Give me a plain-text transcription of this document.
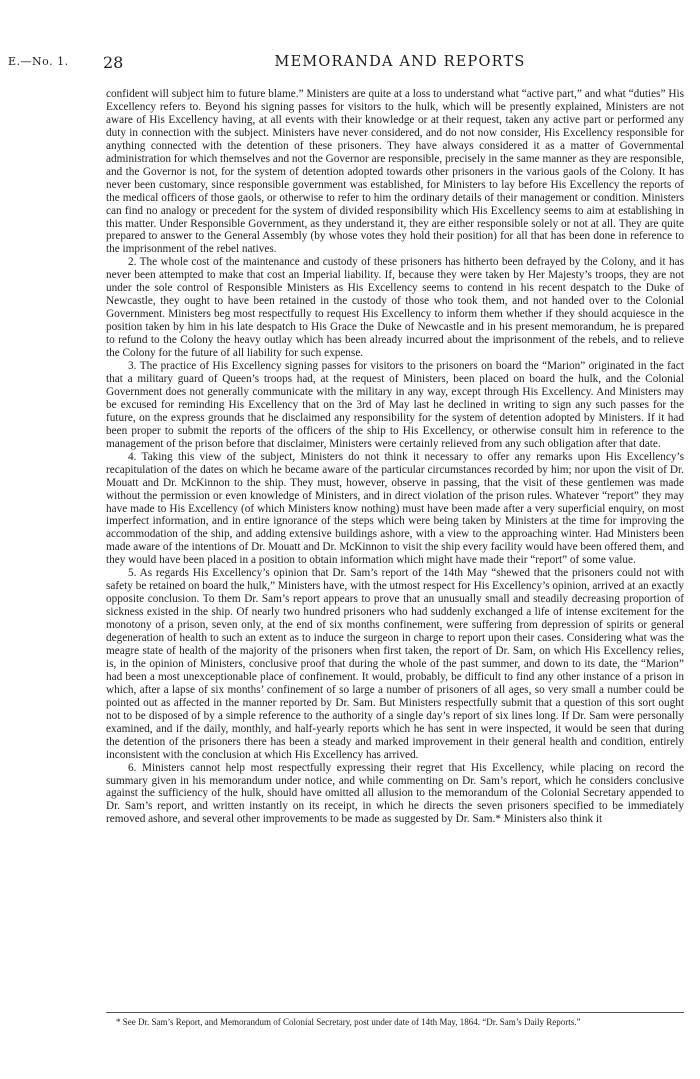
E.—No. 1. 28	MEMORANDA AND REPORTS

confident will subject him to future blame.” Ministers are quite at a loss to understand what “active part,” and what “duties” His Excellency refers to. Beyond his signing passes for visitors to the hulk, which will be presently explained, Ministers are not aware of His Excellency having, at all events with their knowledge or at their request, taken any active part or performed any duty in connection with the subject. Ministers have never considered, and do not now consider, His Excellency responsible for anything connected with the detention of these prisoners. They have always considered it as a matter of Governmental administration for which themselves and not the Governor are responsible, precisely in the same manner as they are responsible, and the Governor is not, for the system of detention adopted towards other prisoners in the various gaols of the Colony. It has never been customary, since responsible government was established, for Ministers to lay before His Excellency the reports of the medical officers of those gaols, or otherwise to refer to him the ordinary details of their management or condition. Ministers can find no analogy or precedent for the system of divided responsibility which His Excellency seems to aim at establishing in this matter. Under Responsible Government, as they understand it, they are either responsible solely or not at all. They are quite prepared to answer to the General Assembly (by whose votes they hold their position) for all that has been done in reference to the imprisonment of the rebel natives.

2. The whole cost of the maintenance and custody of these prisoners has hitherto been defrayed by the Colony, and it has never been attempted to make that cost an Imperial liability. If, because they were taken by Her Majesty’s troops, they are not under the sole control of Responsible Ministers as His Excellency seems to contend in his recent despatch to the Duke of Newcastle, they ought to have been retained in the custody of those who took them, and not handed over to the Colonial Government. Ministers beg most respectfully to request His Excellency to inform them whether if they should acquiesce in the position taken by him in his late despatch to His Grace the Duke of Newcastle and in his present memorandum, he is prepared to refund to the Colony the heavy outlay which has been already incurred about the imprisonment of the rebels, and to relieve the Colony for the future of all liability for such expense.

3. The practice of His Excellency signing passes for visitors to the prisoners on board the “Marion” originated in the fact that a military guard of Queen’s troops had, at the request of Ministers, been placed on board the hulk, and the Colonial Government does not generally communicate with the military in any way, except through His Excellency. And Ministers may be excused for reminding His Excellency that on the 3rd of May last he declined in writing to sign any such passes for the future, on the express grounds that he disclaimed any responsibility for the system of detention adopted by Ministers. If it had been proper to submit the reports of the officers of the ship to His Excellency, or otherwise consult him in reference to the management of the prison before that disclaimer, Ministers were certainly relieved from any such obligation after that date.

4. Taking this view of the subject, Ministers do not think it necessary to offer any remarks upon His Excellency’s recapitulation of the dates on which he became aware of the particular circumstances recorded by him; nor upon the visit of Dr. Mouatt and Dr. McKinnon to the ship. They must, however, observe in passing, that the visit of these gentlemen was made without the permission or even knowledge of Ministers, and in direct violation of the prison rules. Whatever “report” they may have made to His Excellency (of which Ministers know nothing) must have been made after a very superficial enquiry, on most imperfect information, and in entire ignorance of the steps which were being taken by Ministers at the time for improving the accommodation of the ship, and adding extensive buildings ashore, with a view to the approaching winter. Had Ministers been made aware of the intentions of Dr. Mouatt and Dr. McKinnon to visit the ship every facility would have been offered them, and they would have been placed in a position to obtain information which might have made their “report” of some value.

5. As regards His Excellency’s opinion that Dr. Sam’s report of the 14th May “shewed that the prisoners could not with safety be retained on board the hulk,” Ministers have, with the utmost respect for His Excellency’s opinion, arrived at an exactly opposite conclusion. To them Dr. Sam’s report appears to prove that an unusually small and steadily decreasing proportion of sickness existed in the ship. Of nearly two hundred prisoners who had suddenly exchanged a life of intense excitement for the monotony of a prison, seven only, at the end of six months confinement, were suffering from depression of spirits or general degeneration of health to such an extent as to induce the surgeon in charge to report upon their cases. Considering what was the meagre state of health of the majority of the prisoners when first taken, the report of Dr. Sam, on which His Excellency relies, is, in the opinion of Ministers, conclusive proof that during the whole of the past summer, and down to its date, the “Marion” had been a most unexceptionable place of confinement. It would, probably, be difficult to find any other instance of a prison in which, after a lapse of six months’ confinement of so large a number of prisoners of all ages, so very small a number could be pointed out as affected in the manner reported by Dr. Sam. But Ministers respectfully submit that a question of this sort ought not to be disposed of by a simple reference to the authority of a single day’s report of six lines long. If Dr. Sam were personally examined, and if the daily, monthly, and half-yearly reports which he has sent in were inspected, it would be seen that during the detention of the prisoners there has been a steady and marked improvement in their general health and condition, entirely inconsistent with the conclusion at which His Excellency has arrived.

6. Ministers cannot help most respectfully expressing their regret that His Excellency, while placing on record the summary given in his memorandum under notice, and while commenting on Dr. Sam’s report, which he considers conclusive against the sufficiency of the hulk, should have omitted all allusion to the memorandum of the Colonial Secretary appended to Dr. Sam’s report, and written instantly on its receipt, in which he directs the seven prisoners specified to be immediately removed ashore, and several other improvements to be made as suggested by Dr. Sam.* Ministers also think it

* See Dr. Sam’s Report, and Memorandum of Colonial Secretary, post under date of 14th May, 1864. “Dr. Sam’s Daily Reports.”
